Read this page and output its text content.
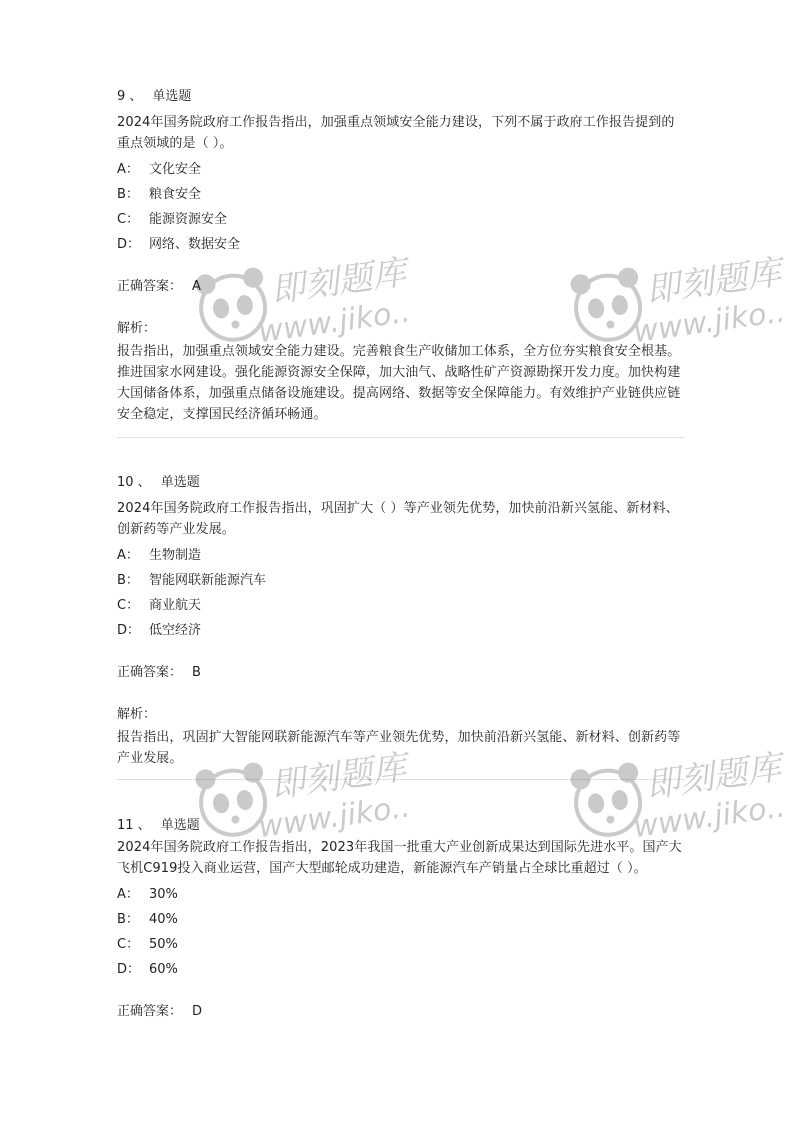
9 、 单选题
2024年国务院政府工作报告指出，加强重点领域安全能力建设，下列不属于政府工作报告提到的重点领域的是（ ）。
A： 文化安全
B： 粮食安全
C： 能源资源安全
D： 网络、数据安全
正确答案： A
解析：
报告指出，加强重点领域安全能力建设。完善粮食生产收储加工体系，全方位夯实粮食安全根基。推进国家水网建设。强化能源资源安全保障，加大油气、战略性矿产资源勘探开发力度。加快构建大国储备体系，加强重点储备设施建设。提高网络、数据等安全保障能力。有效维护产业链供应链安全稳定，支撑国民经济循环畅通。
10 、 单选题
2024年国务院政府工作报告指出，巩固扩大（ ）等产业领先优势，加快前沿新兴氢能、新材料、创新药等产业发展。
A： 生物制造
B： 智能网联新能源汽车
C： 商业航天
D： 低空经济
正确答案： B
解析：
报告指出，巩固扩大智能网联新能源汽车等产业领先优势，加快前沿新兴氢能、新材料、创新药等产业发展。
11 、 单选题
2024年国务院政府工作报告指出，2023年我国一批重大产业创新成果达到国际先进水平。国产大飞机C919投入商业运营，国产大型邮轮成功建造，新能源汽车产销量占全球比重超过（ ）。
A： 30%
B： 40%
C： 50%
D： 60%
正确答案： D
即刻题库
www.jiko..
即刻题库
www.jiko..
即刻题库
www.jiko..
即刻题库
www.jiko..
